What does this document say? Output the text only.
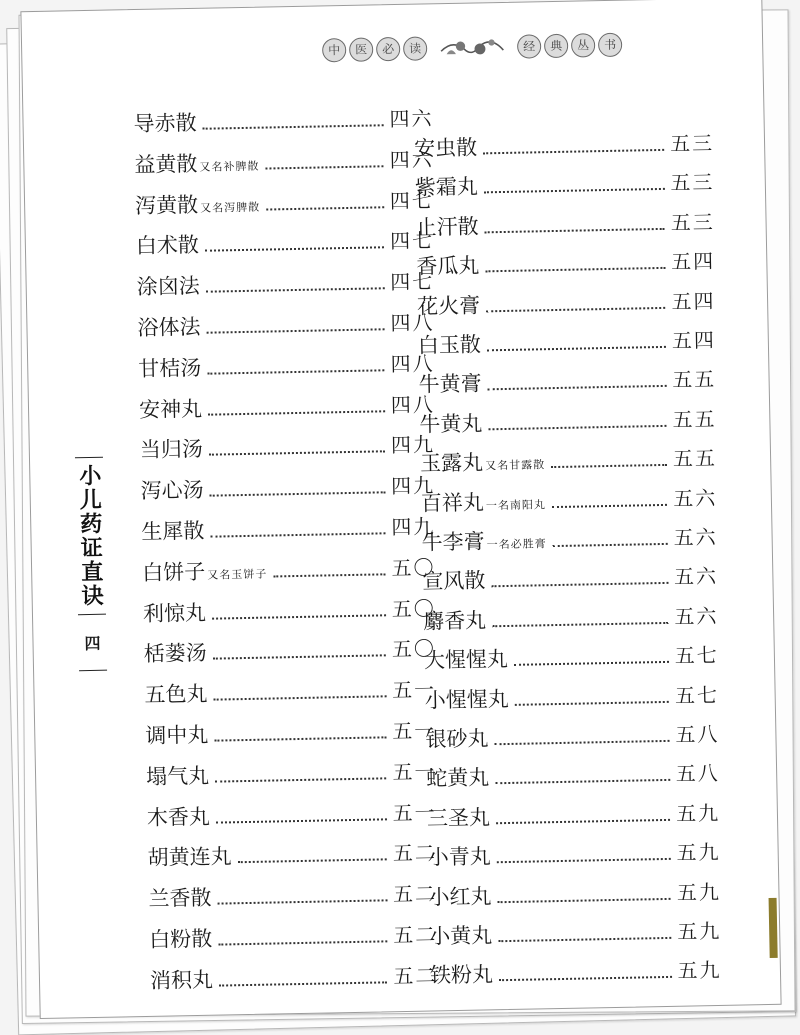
中	医	必	读	经	典	丛	书
小儿药证直诀
四
导赤散	四六
益黄散 又名补脾散	四六
泻黄散 又名泻脾散	四七
白术散	四七
涂囟法	四七
浴体法	四八
甘桔汤	四八
安神丸	四八
当归汤	四九
泻心汤	四九
生犀散	四九
白饼子 又名玉饼子	五〇
利惊丸	五〇
栝蒌汤	五〇
五色丸	五一
调中丸	五一
塌气丸	五一
木香丸	五一
胡黄连丸	五二
兰香散	五二
白粉散	五二
消积丸	五二
安虫散	五三
紫霜丸	五三
止汗散	五三
香瓜丸	五四
花火膏	五四
白玉散	五四
牛黄膏	五五
牛黄丸	五五
玉露丸 又名甘露散	五五
百祥丸 一名南阳丸	五六
牛李膏 一名必胜膏	五六
宣风散	五六
麝香丸	五六
大惺惺丸	五七
小惺惺丸	五七
银砂丸	五八
蛇黄丸	五八
三圣丸	五九
小青丸	五九
小红丸	五九
小黄丸	五九
铁粉丸	五九
